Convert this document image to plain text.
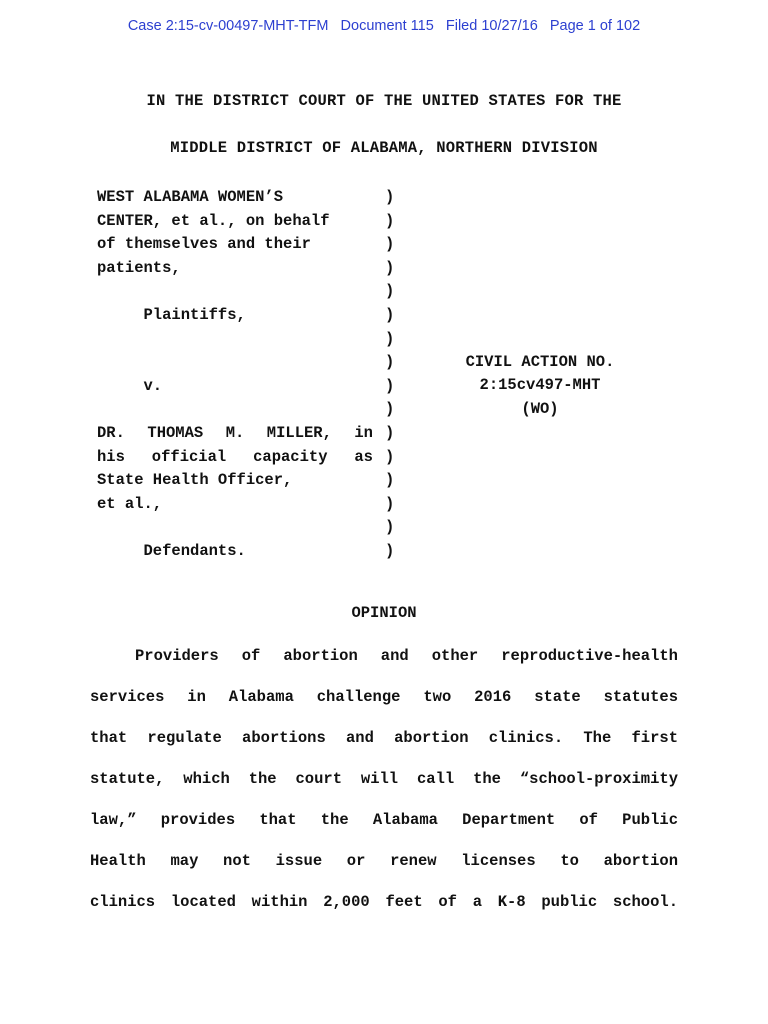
Case 2:15-cv-00497-MHT-TFM Document 115 Filed 10/27/16 Page 1 of 102
IN THE DISTRICT COURT OF THE UNITED STATES FOR THE
MIDDLE DISTRICT OF ALABAMA, NORTHERN DIVISION
WEST ALABAMA WOMEN’S
CENTER, et al., on behalf
of themselves and their
patients,
Plaintiffs,
v.
DR. THOMAS M. MILLER, in
his official capacity as
State Health Officer,
et al.,
Defendants.
)
)
)
)
)
)
)
)
)
)
)
)
)
)
)
)
CIVIL ACTION NO.
2:15cv497-MHT
(WO)
OPINION
Providers of abortion and other reproductive-health
services in Alabama challenge two 2016 state statutes
that regulate abortions and abortion clinics. The first
statute, which the court will call the “school-proximity
law,” provides that the Alabama Department of Public
Health may not issue or renew licenses to abortion
clinics located within 2,000 feet of a K-8 public school.
